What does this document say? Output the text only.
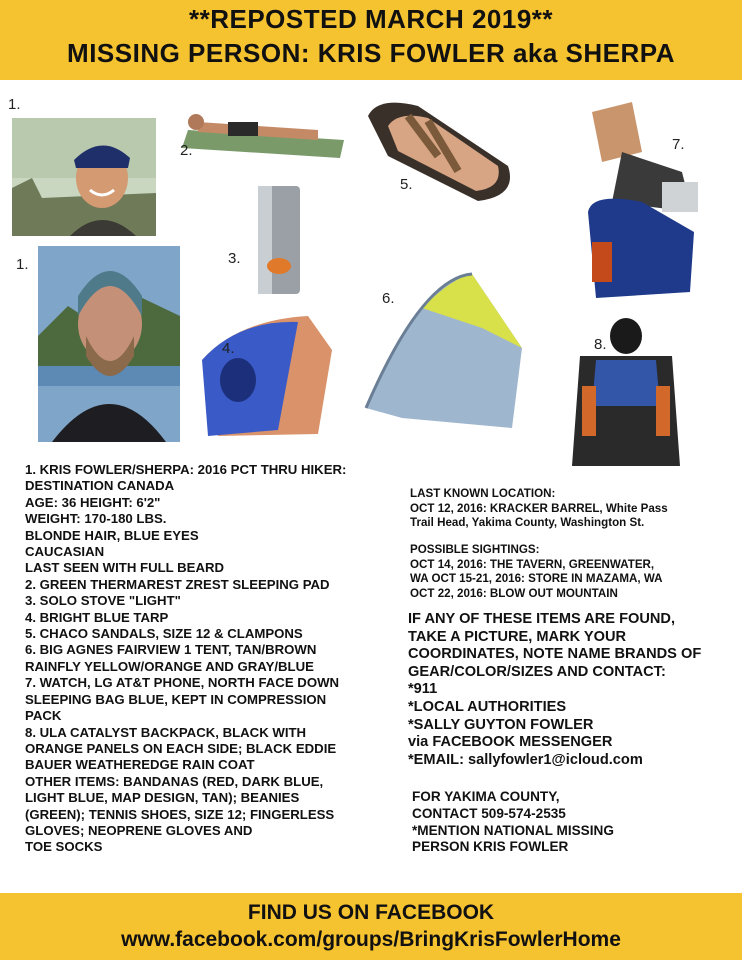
**REPOSTED MARCH 2019**
MISSING PERSON: KRIS FOWLER aka SHERPA
1.
2.
5.
7.
1.	3.
6.
4.	8.
1. KRIS FOWLER/SHERPA: 2016 PCT THRU HIKER:
DESTINATION CANADA
AGE: 36 HEIGHT: 6'2"
WEIGHT: 170-180 LBS.
BLONDE HAIR, BLUE EYES
CAUCASIAN
LAST SEEN WITH FULL BEARD
2. GREEN THERMAREST ZREST SLEEPING PAD
3. SOLO STOVE "LIGHT"
4. BRIGHT BLUE TARP
5. CHACO SANDALS, SIZE 12 & CLAMPONS
6. BIG AGNES FAIRVIEW 1 TENT, TAN/BROWN
RAINFLY YELLOW/ORANGE AND GRAY/BLUE
7. WATCH, LG AT&T PHONE, NORTH FACE DOWN
SLEEPING BAG BLUE, KEPT IN COMPRESSION
PACK
8. ULA CATALYST BACKPACK, BLACK WITH
ORANGE PANELS ON EACH SIDE; BLACK EDDIE
BAUER WEATHEREDGE RAIN COAT
OTHER ITEMS: BANDANAS (RED, DARK BLUE,
LIGHT BLUE, MAP DESIGN, TAN); BEANIES
(GREEN); TENNIS SHOES, SIZE 12; FINGERLESS
GLOVES; NEOPRENE GLOVES AND
TOE SOCKS
LAST KNOWN LOCATION:
OCT 12, 2016: KRACKER BARREL, White Pass
Trail Head, Yakima County, Washington St.
POSSIBLE SIGHTINGS:
OCT 14, 2016: THE TAVERN, GREENWATER,
WA OCT 15-21, 2016: STORE IN MAZAMA, WA
OCT 22, 2016: BLOW OUT MOUNTAIN
IF ANY OF THESE ITEMS ARE FOUND,
TAKE A PICTURE, MARK YOUR
COORDINATES, NOTE NAME BRANDS OF
GEAR/COLOR/SIZES AND CONTACT:
*911
*LOCAL AUTHORITIES
*SALLY GUYTON FOWLER
via FACEBOOK MESSENGER
*EMAIL: sallyfowler1@icloud.com
FOR YAKIMA COUNTY,
CONTACT 509-574-2535
*MENTION NATIONAL MISSING
PERSON KRIS FOWLER
FIND US ON FACEBOOK
www.facebook.com/groups/BringKrisFowlerHome
